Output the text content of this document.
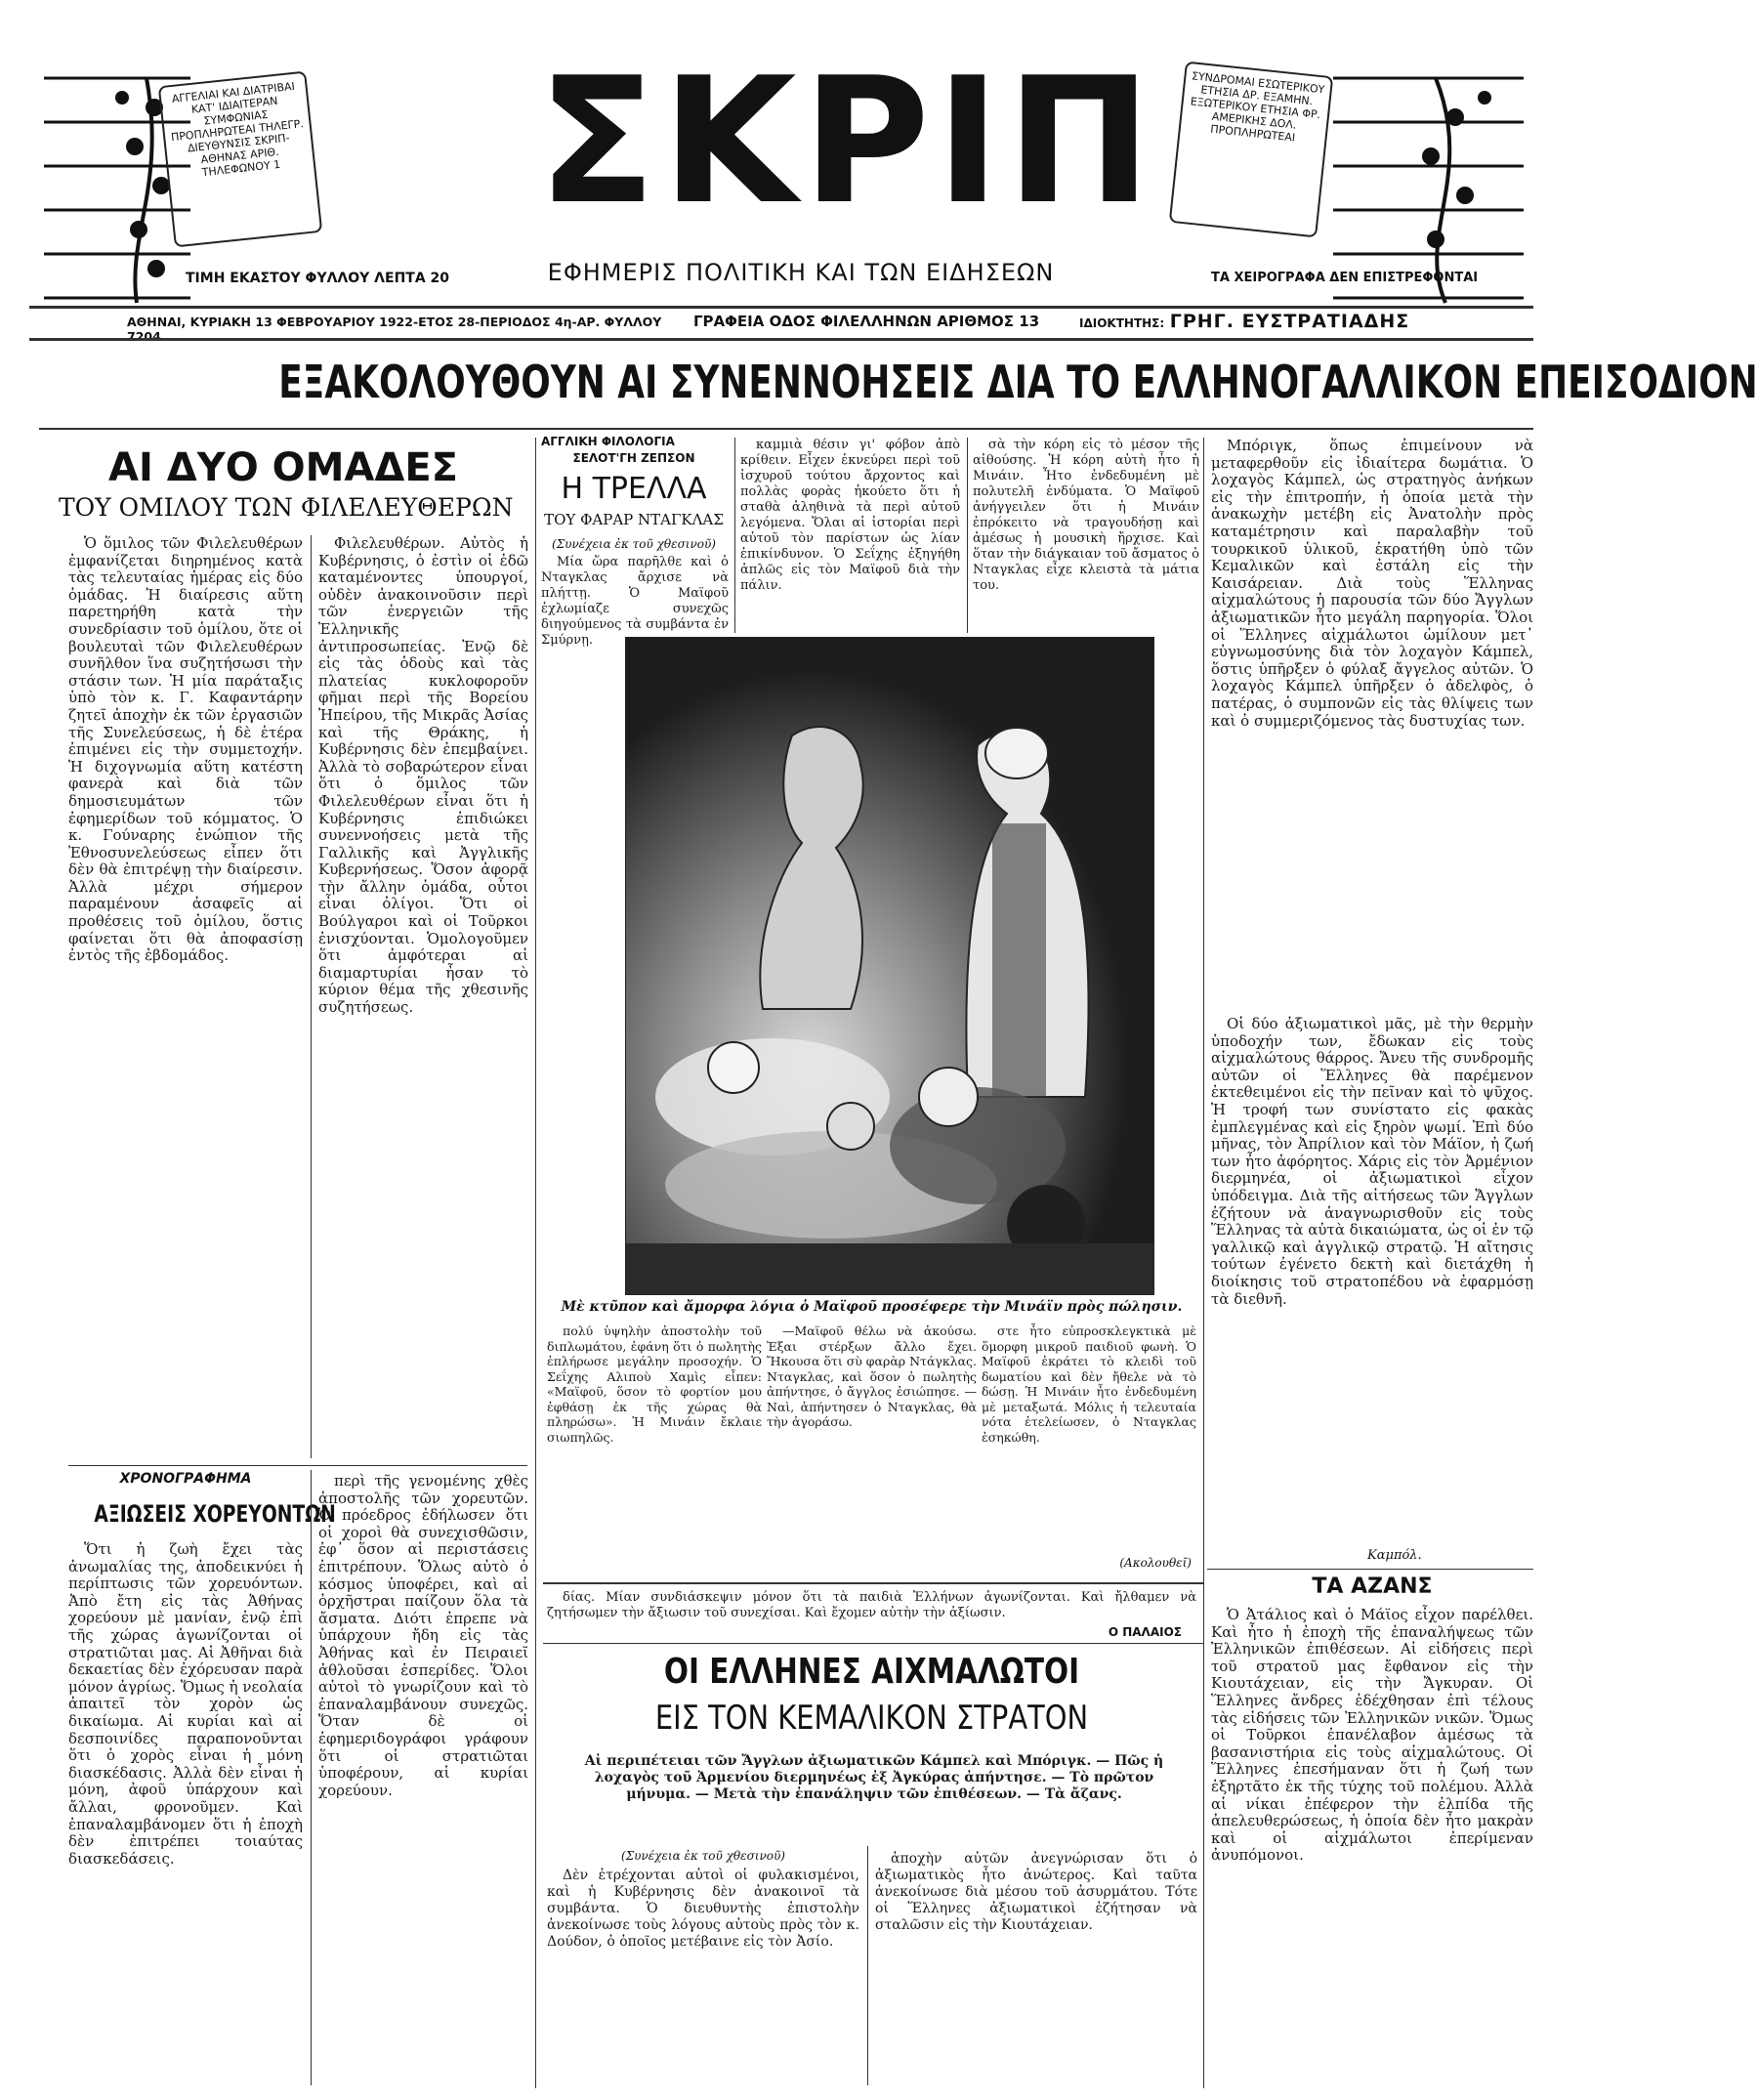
ΑΓΓΕΛΙΑΙ ΚΑΙ ΔΙΑΤΡΙΒΑΙ ΚΑΤ' ΙΔΙΑΙΤΕΡΑΝ ΣΥΜΦΩΝΙΑΣ ΠΡΟΠΛΗΡΩΤΕΑΙ ΤΗΛΕΓΡ. ΔΙΕΥΘΥΝΣΙΣ ΣΚΡΙΠ-ΑΘΗΝΑΣ ΑΡΙΘ. ΤΗΛΕΦΩΝΟΥ 1 ΣΚΡΙΠ	ΣΥΝΔΡΟΜΑΙ ΕΣΩΤΕΡΙΚΟΥ ΕΤΗΣΙΑ ΔΡ. ΕΞΑΜΗΝ. ΕΞΩΤΕΡΙΚΟΥ ΕΤΗΣΙΑ ΦΡ. ΑΜΕΡΙΚΗΣ ΔΟΛ. ΠΡΟΠΛΗΡΩΤΕΑΙ
ΤΙΜΗ ΕΚΑΣΤΟΥ ΦΥΛΛΟΥ ΛΕΠΤΑ 20	ΕΦΗΜΕΡΙΣ ΠΟΛΙΤΙΚΗ ΚΑΙ ΤΩΝ ΕΙΔΗΣΕΩΝ	ΤΑ ΧΕΙΡΟΓΡΑΦΑ ΔΕΝ ΕΠΙΣΤΡΕΦΟΝΤΑΙ
ΑΘΗΝΑΙ, ΚΥΡΙΑΚΗ 13 ΦΕΒΡΟΥΑΡΙΟΥ 1922-ΕΤΟΣ 28-ΠΕΡΙΟΔΟΣ 4η-ΑΡ. ΦΥΛΛΟΥ 7204
ΓΡΑΦΕΙΑ ΟΔΟΣ ΦΙΛΕΛΛΗΝΩΝ ΑΡΙΘΜΟΣ 13	ΙΔΙΟΚΤΗΤΗΣ: ΓΡΗΓ. ΕΥΣΤΡΑΤΙΑΔΗΣ
ΕΞΑΚΟΛΟΥΘΟΥΝ ΑΙ ΣΥΝΕΝΝΟΗΣΕΙΣ ΔΙΑ ΤΟ ΕΛΛΗΝΟΓΑΛΛΙΚΟΝ ΕΠΕΙΣΟΔΙΟΝ
ΑΙ ΔΥΟ ΟΜΑΔΕΣ
ΤΟΥ ΟΜΙΛΟΥ ΤΩΝ ΦΙΛΕΛΕΥΘΕΡΩΝ

Ὁ ὅμιλος τῶν Φιλελευθέρων ἐμφανίζεται διηρημένος κατὰ τὰς τελευταίας ἡμέρας εἰς δύο ὁμάδας. Ἡ διαίρεσις αὕτη παρετηρήθη κατὰ τὴν συνεδρίασιν τοῦ ὁμίλου, ὅτε οἱ βουλευταὶ τῶν Φιλελευθέρων συνῆλθον ἵνα συζητήσωσι τὴν στάσιν των. Ἡ μία παράταξις ὑπὸ τὸν κ. Γ. Καφαντάρην ζητεῖ ἀποχὴν ἐκ τῶν ἐργασιῶν τῆς Συνελεύσεως, ἡ δὲ ἑτέρα ἐπιμένει εἰς τὴν συμμετοχήν. Ἡ διχογνωμία αὕτη κατέστη φανερὰ καὶ διὰ τῶν δημοσιευμάτων τῶν ἐφημερίδων τοῦ κόμματος. Ὁ κ. Γούναρης ἐνώπιον τῆς Ἐθνοσυνελεύσεως εἶπεν ὅτι δὲν θὰ ἐπιτρέψῃ τὴν διαίρεσιν. Ἀλλὰ μέχρι σήμερον παραμένουν ἀσαφεῖς αἱ προθέσεις τοῦ ὁμίλου, ὅστις φαίνεται ὅτι θὰ ἀποφασίσῃ ἐντὸς τῆς ἑβδομάδος.

Φιλελευθέρων. Αὐτὸς ἡ Κυβέρνησις, ὁ ἐστὶν οἱ ἐδῶ καταμένοντες ὑπουργοί, οὐδὲν ἀνακοινοῦσιν περὶ τῶν ἐνεργειῶν τῆς Ἑλληνικῆς ἀντιπροσωπείας. Ἐνῷ δὲ εἰς τὰς ὁδοὺς καὶ τὰς πλατείας κυκλοφοροῦν φῆμαι περὶ τῆς Βορείου Ἠπείρου, τῆς Μικρᾶς Ἀσίας καὶ τῆς Θράκης, ἡ Κυβέρνησις δὲν ἐπεμβαίνει. Ἀλλὰ τὸ σοβαρώτερον εἶναι ὅτι ὁ ὅμιλος τῶν Φιλελευθέρων εἶναι ὅτι ἡ Κυβέρνησις ἐπιδιώκει συνεννοήσεις μετὰ τῆς Γαλλικῆς καὶ Ἀγγλικῆς Κυβερνήσεως. Ὅσον ἀφορᾷ τὴν ἄλλην ὁμάδα, οὗτοι εἶναι ὀλίγοι. Ὅτι οἱ Βούλγαροι καὶ οἱ Τοῦρκοι ἐνισχύονται. Ὁμολογοῦμεν ὅτι ἀμφότεραι αἱ διαμαρτυρίαι ἦσαν τὸ κύριον θέμα τῆς χθεσινῆς συζητήσεως.

ΧΡΟΝΟΓΡΑΦΗΜΑ
ΑΞΙΩΣΕΙΣ ΧΟΡΕΥΟΝΤΩΝ

Ὅτι ἡ ζωὴ ἔχει τὰς ἀνωμαλίας της, ἀποδεικνύει ἡ περίπτωσις τῶν χορευόντων. Ἀπὸ ἔτη εἰς τὰς Ἀθήνας χορεύουν μὲ μανίαν, ἐνῷ ἐπὶ τῆς χώρας ἀγωνίζονται οἱ στρατιῶται μας. Αἱ Ἀθῆναι διὰ δεκαετίας δὲν ἐχόρευσαν παρὰ μόνον ἀγρίως. Ὅμως ἡ νεολαία ἀπαιτεῖ τὸν χορὸν ὡς δικαίωμα. Αἱ κυρίαι καὶ αἱ δεσποινίδες παραπονοῦνται ὅτι ὁ χορὸς εἶναι ἡ μόνη διασκέδασις. Ἀλλὰ δὲν εἶναι ἡ μόνη, ἀφοῦ ὑπάρχουν καὶ ἄλλαι, φρονοῦμεν. Καὶ ἐπαναλαμβάνομεν ὅτι ἡ ἐποχὴ δὲν ἐπιτρέπει τοιαύτας διασκεδάσεις.

περὶ τῆς γενομένης χθὲς ἀποστολῆς τῶν χορευτῶν. Ὁ πρόεδρος ἐδήλωσεν ὅτι οἱ χοροὶ θὰ συνεχισθῶσιν, ἐφ᾽ ὅσον αἱ περιστάσεις ἐπιτρέπουν. Ὅλως αὐτὸ ὁ κόσμος ὑποφέρει, καὶ αἱ ὀρχῆστραι παίζουν ὅλα τὰ ἄσματα. Διότι ἐπρεπε νὰ ὑπάρχουν ἤδη εἰς τὰς Ἀθήνας καὶ ἐν Πειραιεῖ ἀθλοῦσαι ἑσπερίδες. Ὅλοι αὐτοὶ τὸ γνωρίζουν καὶ τὸ ἐπαναλαμβάνουν συνεχῶς. Ὅταν δὲ οἱ ἐφημεριδογράφοι γράφουν ὅτι οἱ στρατιῶται ὑποφέρουν, αἱ κυρίαι χορεύουν.

ΑΓΓΛΙΚΗ ΦΙΛΟΛΟΓΙΑ
ΣΕΛΟΤ'ΓΗ ΖΕΠΣΟΝ
Η ΤΡΕΛΛΑ
ΤΟΥ ΦΑΡΑΡ ΝΤΑΓΚΛΑΣ
(Συνέχεια ἐκ τοῦ χθεσινοῦ)

Μία ὥρα παρῆλθε καὶ ὁ Νταγκλας ἄρχισε νὰ πλήττῃ. Ὁ Μαϊφοῦ ἐχλωμίαζε συνεχῶς διηγούμενος τὰ συμβάντα ἐν Σμύρνῃ.

καμμιὰ θέσιν γι' φόβον ἀπὸ κρίθειν. Εἶχεν ἐκνεύρει περὶ τοῦ ἰσχυροῦ τούτου ἄρχοντος καὶ πολλὰς φορὰς ἠκούετο ὅτι ἡ σταθὰ ἀληθινὰ τὰ περὶ αὐτοῦ λεγόμενα. Ὅλαι αἱ ἱστορίαι περὶ αὐτοῦ τὸν παρίστων ὡς λίαν ἐπικίνδυνον. Ὁ Σεΐχης ἐξηγήθη ἀπλῶς εἰς τὸν Μαϊφοῦ διὰ τὴν πάλιν.

σὰ τὴν κόρη εἰς τὸ μέσον τῆς αἰθούσης. Ἡ κόρη αὐτὴ ἦτο ἡ Μινάιν. Ἦτο ἐνδεδυμένη μὲ πολυτελῆ ἐνδύματα. Ὁ Μαϊφοῦ ἀνήγγειλεν ὅτι ἡ Μινάιν ἐπρόκειτο νὰ τραγουδήσῃ καὶ ἀμέσως ἡ μουσικὴ ἤρχισε. Καὶ ὅταν τὴν διάγκαιαν τοῦ ἄσματος ὁ Νταγκλας εἶχε κλειστὰ τὰ μάτια του.

Μὲ κτῦπον καὶ ἄμορφα λόγια ὁ Μαϊφοῦ προσέφερε τὴν Μινάϊν πρὸς πώλησιν.

πολύ ὑψηλὴν ἀποστολὴν τοῦ διπλωμάτου, ἐφάνη ὅτι ὁ πωλητὴς ἐπλήρωσε μεγάλην προσοχήν. Ὁ Σεΐχης Αλιποὺ Χαμὶς εἶπεν: «Μαϊφοῦ, ὅσον τὸ φορτίον μου ἐφθάσῃ ἐκ τῆς χώρας θὰ πληρώσω». Ἡ Μινάιν ἔκλαιε σιωπηλῶς.

—Μαϊφοῦ θέλω νὰ ἀκούσω. Ἐξαι στέρξων ἄλλο ἔχει. Ἤκουσα ὅτι σὺ φαρὰρ Ντάγκλας. Νταγκλας, καὶ ὅσον ὁ πωλητὴς ἀπήντησε, ὁ ἄγγλος ἐσιώπησε. —Ναὶ, ἀπήντησεν ὁ Νταγκλας, θὰ τὴν ἀγοράσω.

στε ἦτο εὐπροσκλεγκτικὰ μὲ ὅμορφη μικροῦ παιδιοῦ φωνὴ. Ὁ Μαϊφοῦ ἐκράτει τὸ κλειδὶ τοῦ δωματίου καὶ δὲν ἤθελε νὰ τὸ δώσῃ. Ἡ Μινάιν ἦτο ἐνδεδυμένη μὲ μεταξωτά. Μόλις ἡ τελευταία νότα ἐτελείωσεν, ὁ Νταγκλας ἐσηκώθη.

(Ακολουθεῖ)

δίας. Μίαν συνδιάσκεψιν μόνον ὅτι τὰ παιδιὰ Ἑλλήνων ἀγωνίζονται. Καὶ ἤλθαμεν νὰ ζητήσωμεν τὴν ἄξιωσιν τοῦ συνεχίσαι. Καὶ ἔχομεν αὐτὴν τὴν ἀξίωσιν.

Ο ΠΑΛΑΙΟΣ
ΟΙ ΕΛΛΗΝΕΣ ΑΙΧΜΑΛΩΤΟΙ
ΕΙΣ ΤΟΝ ΚΕΜΑΛΙΚΟΝ ΣΤΡΑΤΟΝ

Αἱ περιπέτειαι τῶν Ἄγγλων ἀξιωματικῶν Κάμπελ καὶ Μπόριγκ. — Πῶς ἡ λοχαγὸς τοῦ Ἀρμενίου διερμηνέως ἐξ Ἀγκύρας ἀπήντησε. — Τὸ πρῶτον μήνυμα. — Μετὰ τὴν ἐπανάληψιν τῶν ἐπιθέσεων. — Τὰ ἄζανς.

(Συνέχεια ἐκ τοῦ χθεσινοῦ)

Δὲν ἐτρέχονται αὐτοὶ οἱ φυλακισμένοι, καὶ ἡ Κυβέρνησις δὲν ἀνακοινοῖ τὰ συμβάντα. Ὁ διευθυντὴς ἐπιστολὴν ἀνεκοίνωσε τοὺς λόγους αὐτοὺς πρὸς τὸν κ. Δούδον, ὁ ὁποῖος μετέβαινε εἰς τὸν Ἀσίο.

ἀποχὴν αὐτῶν ἀνεγνώρισαν ὅτι ὁ ἀξιωματικὸς ἦτο ἀνώτερος. Καὶ ταῦτα ἀνεκοίνωσε διὰ μέσου τοῦ ἀσυρμάτου. Τότε οἱ Ἕλληνες ἀξιωματικοὶ ἐζήτησαν νὰ σταλῶσιν εἰς τὴν Κιουτάχειαν.

Μπόριγκ, ὅπως ἐπιμείνουν νὰ μεταφερθοῦν εἰς ἰδιαίτερα δωμάτια. Ὁ λοχαγὸς Κάμπελ, ὡς στρατηγὸς ἀνήκων εἰς τὴν ἐπιτροπήν, ἡ ὁποία μετὰ τὴν ἀνακωχὴν μετέβη εἰς Ἀνατολὴν πρὸς καταμέτρησιν καὶ παραλαβὴν τοῦ τουρκικοῦ ὑλικοῦ, ἐκρατήθη ὑπὸ τῶν Κεμαλικῶν καὶ ἐστάλη εἰς τὴν Καισάρειαν. Διὰ τοὺς Ἕλληνας αἰχμαλώτους ἡ παρουσία τῶν δύο Ἄγγλων ἀξιωματικῶν ἦτο μεγάλη παρηγορία. Ὅλοι οἱ Ἕλληνες αἰχμάλωτοι ὡμίλουν μετ᾽ εὐγνωμοσύνης διὰ τὸν λοχαγὸν Κάμπελ, ὅστις ὑπῆρξεν ὁ φύλαξ ἄγγελος αὐτῶν. Ὁ λοχαγὸς Κάμπελ ὑπῆρξεν ὁ ἀδελφὸς, ὁ πατέρας, ὁ συμπονῶν εἰς τὰς θλίψεις των καὶ ὁ συμμεριζόμενος τὰς δυστυχίας των.

Οἱ δύο ἀξιωματικοὶ μᾶς, μὲ τὴν θερμὴν ὑποδοχήν των, ἔδωκαν εἰς τοὺς αἰχμαλώτους θάρρος. Ἄνευ τῆς συνδρομῆς αὐτῶν οἱ Ἕλληνες θὰ παρέμενον ἐκτεθειμένοι εἰς τὴν πεῖναν καὶ τὸ ψῦχος. Ἡ τροφή των συνίστατο εἰς φακὰς ἐμπλεγμένας καὶ εἰς ξηρὸν ψωμί. Ἐπὶ δύο μῆνας, τὸν Ἀπρίλιον καὶ τὸν Μάϊον, ἡ ζωή των ἦτο ἀφόρητος. Χάρις εἰς τὸν Ἀρμένιον διερμηνέα, οἱ ἀξιωματικοὶ εἶχον ὑπόδειγμα. Διὰ τῆς αἰτήσεως τῶν Ἄγγλων ἐζήτουν νὰ ἀναγνωρισθοῦν εἰς τοὺς Ἕλληνας τὰ αὐτὰ δικαιώματα, ὡς οἱ ἐν τῷ γαλλικῷ καὶ ἀγγλικῷ στρατῷ. Ἡ αἴτησις τούτων ἐγένετο δεκτὴ καὶ διετάχθη ἡ διοίκησις τοῦ στρατοπέδου νὰ ἐφαρμόσῃ τὰ διεθνῆ.

Καμπόλ.
ΤΑ ΑΖΑΝΣ

Ὁ Ἀτάλιος καὶ ὁ Μάϊος εἶχον παρέλθει. Καὶ ἦτο ἡ ἐποχὴ τῆς ἐπαναλήψεως τῶν Ἑλληνικῶν ἐπιθέσεων. Αἱ εἰδήσεις περὶ τοῦ στρατοῦ μας ἔφθανον εἰς τὴν Κιουτάχειαν, εἰς τὴν Ἄγκυραν. Οἱ Ἕλληνες ἄνδρες ἐδέχθησαν ἐπὶ τέλους τὰς εἰδήσεις τῶν Ἑλληνικῶν νικῶν. Ὅμως οἱ Τοῦρκοι ἐπανέλαβον ἀμέσως τὰ βασανιστήρια εἰς τοὺς αἰχμαλώτους. Οἱ Ἕλληνες ἐπεσήμαναν ὅτι ἡ ζωή των ἐξηρτᾶτο ἐκ τῆς τύχης τοῦ πολέμου. Ἀλλὰ αἱ νίκαι ἐπέφερον τὴν ἐλπίδα τῆς ἀπελευθερώσεως, ἡ ὁποία δὲν ἦτο μακρὰν καὶ οἱ αἰχμάλωτοι ἐπερίμεναν ἀνυπόμονοι.
